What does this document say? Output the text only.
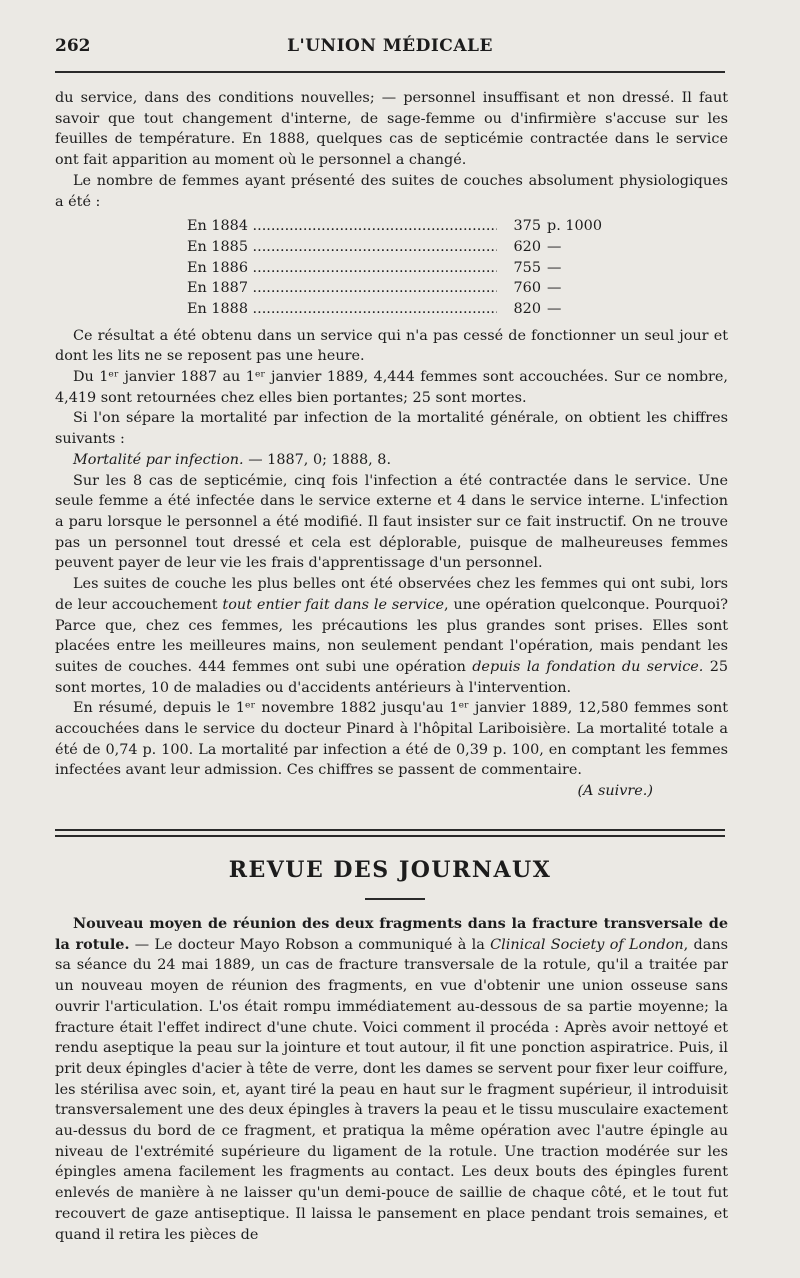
262	L'UNION MÉDICALE

du service, dans des conditions nouvelles; — personnel insuffisant et non dressé. Il faut savoir que tout changement d'interne, de sage-femme ou d'infirmière s'accuse sur les feuilles de température. En 1888, quelques cas de septicémie contractée dans le service ont fait apparition au moment où le personnel a changé.

Le nombre de femmes ayant présenté des suites de couches absolument physiologiques a été :

En 1884 .....	375 p. 1000
En 1885 .....	620 —
En 1886 .....	755 —
En 1887 .....	760 —
En 1888 .....	820 —

Ce résultat a été obtenu dans un service qui n'a pas cessé de fonctionner un seul jour et dont les lits ne se reposent pas une heure.

Du 1ᵉʳ janvier 1887 au 1ᵉʳ janvier 1889, 4,444 femmes sont accouchées. Sur ce nombre, 4,419 sont retournées chez elles bien portantes; 25 sont mortes.

Si l'on sépare la mortalité par infection de la mortalité générale, on obtient les chiffres suivants :

Mortalité par infection. — 1887, 0; 1888, 8.

Sur les 8 cas de septicémie, cinq fois l'infection a été contractée dans le service. Une seule femme a été infectée dans le service externe et 4 dans le service interne. L'infection a paru lorsque le personnel a été modifié. Il faut insister sur ce fait instructif. On ne trouve pas un personnel tout dressé et cela est déplorable, puisque de malheureuses femmes peuvent payer de leur vie les frais d'apprentissage d'un personnel.

Les suites de couche les plus belles ont été observées chez les femmes qui ont subi, lors de leur accouchement tout entier fait dans le service, une opération quelconque. Pourquoi? Parce que, chez ces femmes, les précautions les plus grandes sont prises. Elles sont placées entre les meilleures mains, non seulement pendant l'opération, mais pendant les suites de couches. 444 femmes ont subi une opération depuis la fondation du service. 25 sont mortes, 10 de maladies ou d'accidents antérieurs à l'intervention.

En résumé, depuis le 1ᵉʳ novembre 1882 jusqu'au 1ᵉʳ janvier 1889, 12,580 femmes sont accouchées dans le service du docteur Pinard à l'hôpital Lariboisière. La mortalité totale a été de 0,74 p. 100. La mortalité par infection a été de 0,39 p. 100, en comptant les femmes infectées avant leur admission. Ces chiffres se passent de commentaire.

(A suivre.)

REVUE DES JOURNAUX

Nouveau moyen de réunion des deux fragments dans la fracture transversale de la rotule. — Le docteur Mayo Robson a communiqué à la Clinical Society of London, dans sa séance du 24 mai 1889, un cas de fracture transversale de la rotule, qu'il a traitée par un nouveau moyen de réunion des fragments, en vue d'obtenir une union osseuse sans ouvrir l'articulation. L'os était rompu immédiatement au-dessous de sa partie moyenne; la fracture était l'effet indirect d'une chute. Voici comment il procéda : Après avoir nettoyé et rendu aseptique la peau sur la jointure et tout autour, il fit une ponction aspiratrice. Puis, il prit deux épingles d'acier à tête de verre, dont les dames se servent pour fixer leur coiffure, les stérilisa avec soin, et, ayant tiré la peau en haut sur le fragment supérieur, il introduisit transversalement une des deux épingles à travers la peau et le tissu musculaire exactement au-dessus du bord de ce fragment, et pratiqua la même opération avec l'autre épingle au niveau de l'extrémité supérieure du ligament de la rotule. Une traction modérée sur les épingles amena facilement les fragments au contact. Les deux bouts des épingles furent enlevés de manière à ne laisser qu'un demi-pouce de saillie de chaque côté, et le tout fut recouvert de gaze antiseptique. Il laissa le pansement en place pendant trois semaines, et quand il retira les pièces de
